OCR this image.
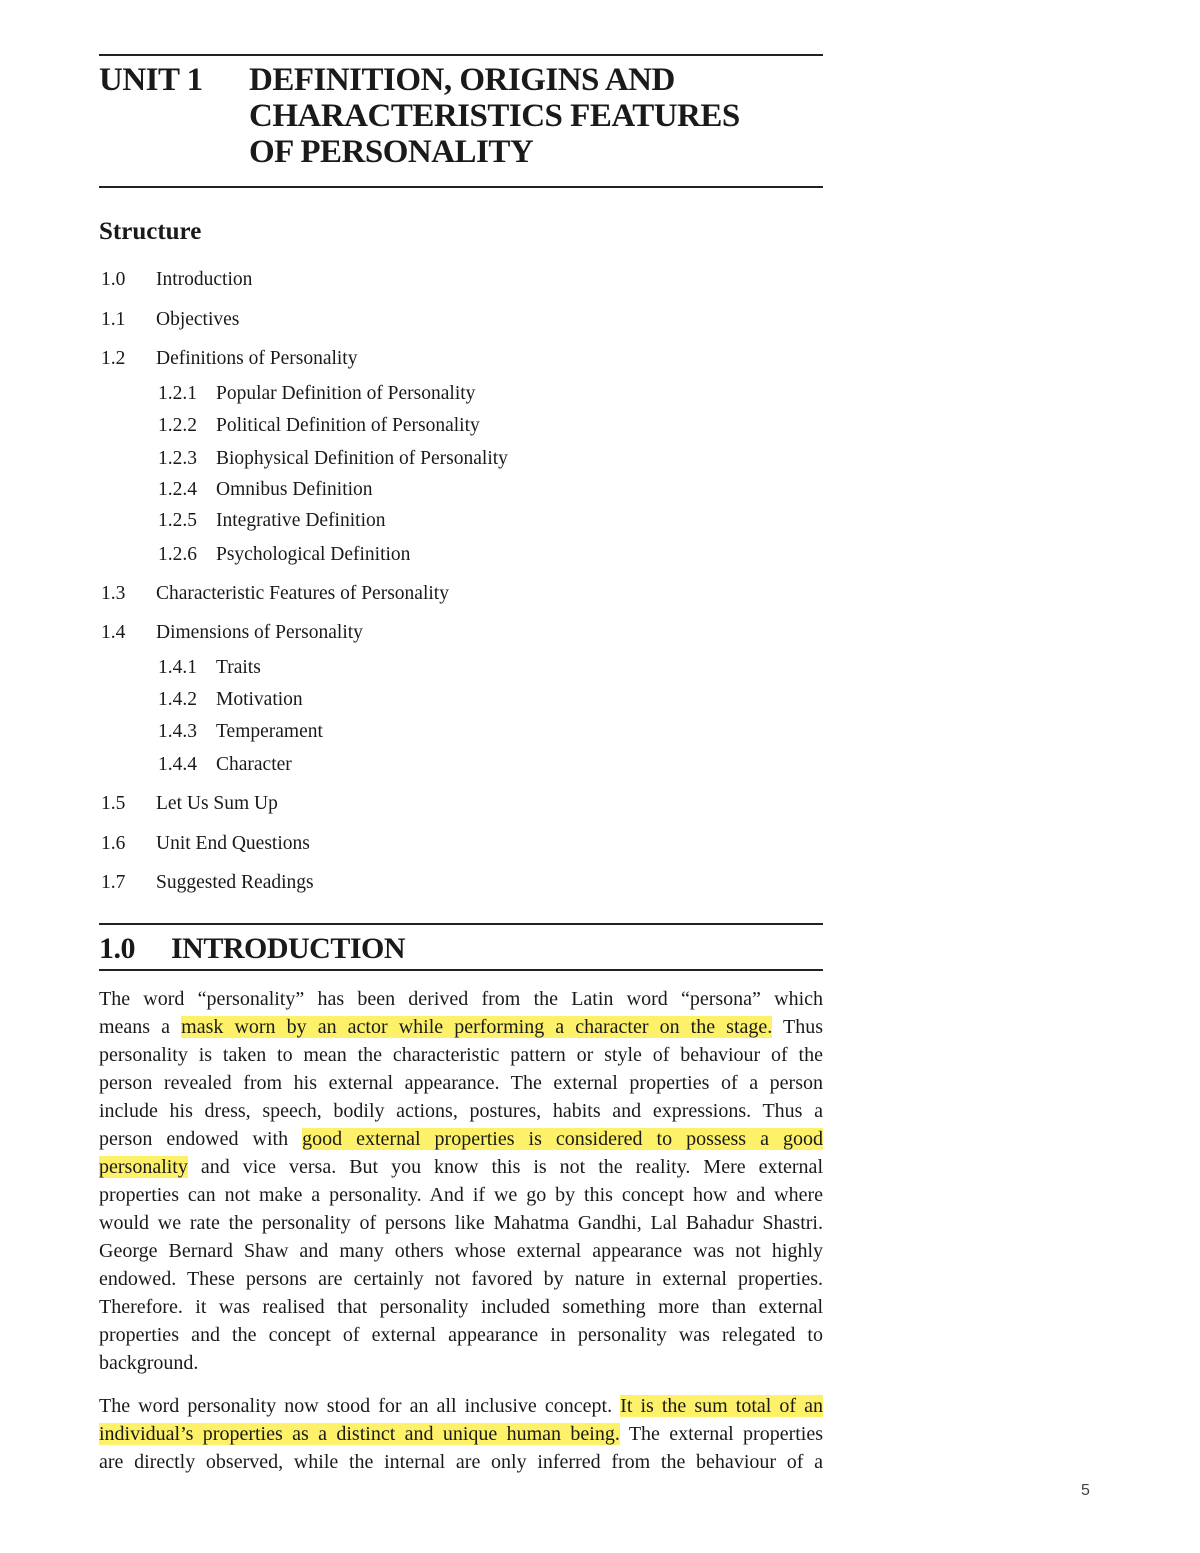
UNIT 1 DEFINITION, ORIGINS AND
CHARACTERISTICS FEATURES
OF PERSONALITY
Structure
1.0 Introduction
1.1 Objectives
1.2 Definitions of Personality
1.2.1 Popular Definition of Personality
1.2.2 Political Definition of Personality
1.2.3 Biophysical Definition of Personality
1.2.4 Omnibus Definition
1.2.5 Integrative Definition
1.2.6 Psychological Definition
1.3 Characteristic Features of Personality
1.4 Dimensions of Personality
1.4.1 Traits
1.4.2 Motivation
1.4.3 Temperament
1.4.4 Character
1.5 Let Us Sum Up
1.6 Unit End Questions
1.7 Suggested Readings
1.0 INTRODUCTION
The word “personality” has been derived from the Latin word “persona” which
means a mask worn by an actor while performing a character on the stage. Thus
personality is taken to mean the characteristic pattern or style of behaviour of the
person revealed from his external appearance. The external properties of a person
include his dress, speech, bodily actions, postures, habits and expressions. Thus a
person endowed with good external properties is considered to possess a good
personality and vice versa. But you know this is not the reality. Mere external
properties can not make a personality. And if we go by this concept how and where
would we rate the personality of persons like Mahatma Gandhi, Lal Bahadur Shastri.
George Bernard Shaw and many others whose external appearance was not highly
endowed. These persons are certainly not favored by nature in external properties.
Therefore. it was realised that personality included something more than external
properties and the concept of external appearance in personality was relegated to
background.
The word personality now stood for an all inclusive concept. It is the sum total of an
individual’s properties as a distinct and unique human being. The external properties
are directly observed, while the internal are only inferred from the behaviour of a
5
